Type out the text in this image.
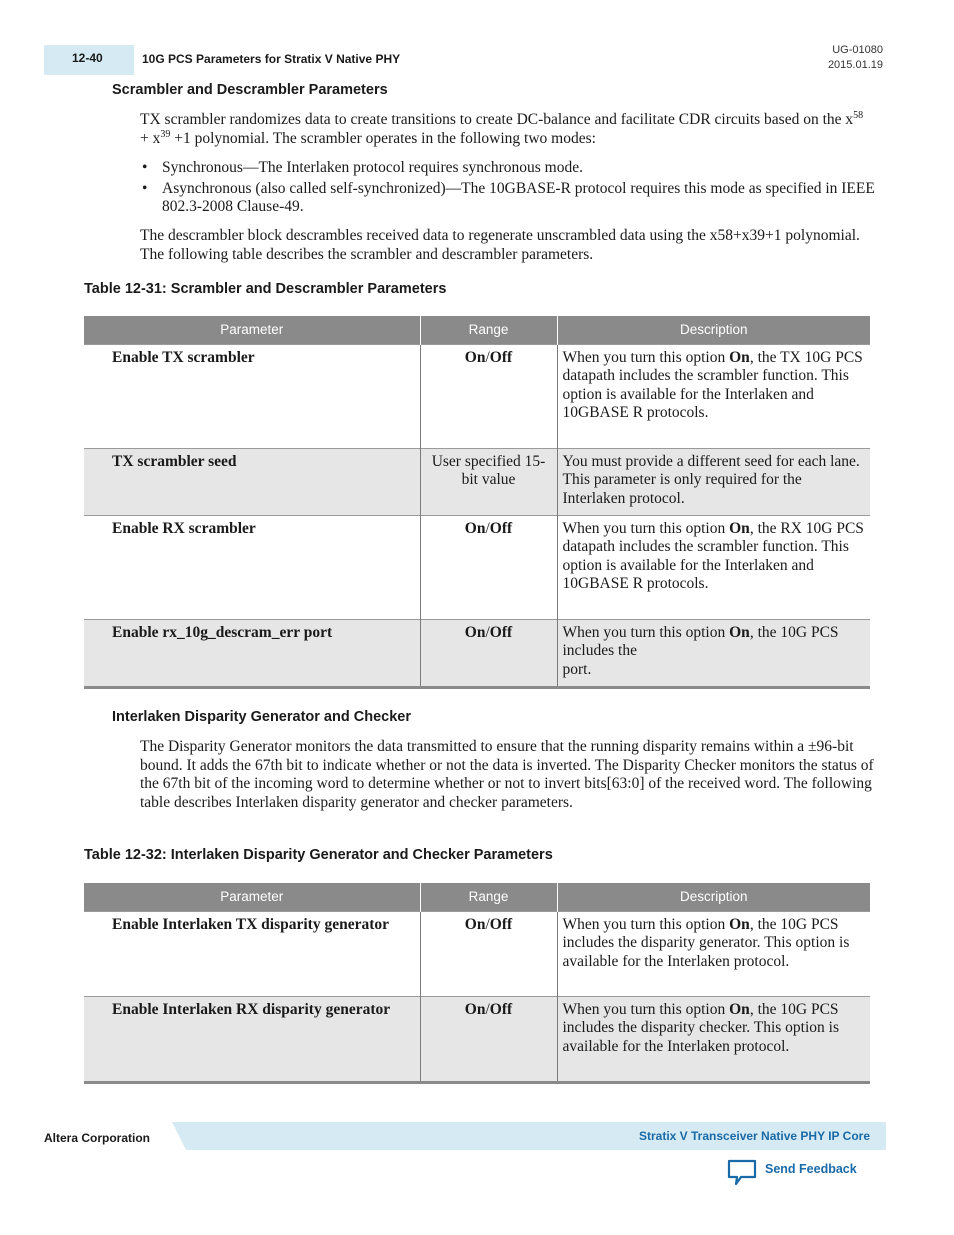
12-40	10G PCS Parameters for Stratix V Native PHY
UG-01080
2015.01.19
Scrambler and Descrambler Parameters

TX scrambler randomizes data to create transitions to create DC-balance and facilitate CDR circuits based on the $x^{58} + x^{39} +1$ polynomial. The scrambler operates in the following two modes:

• Synchronous—The Interlaken protocol requires synchronous mode.
• Asynchronous (also called self-synchronized)—The 10GBASE-R protocol requires this mode as specified in IEEE 802.3-2008 Clause-49.

The descrambler block descrambles received data to regenerate unscrambled data using the x58+x39+1 polynomial. The following table describes the scrambler and descrambler parameters.

Table 12-31: Scrambler and Descrambler Parameters
Parameter	Range	Description
Enable TX scrambler	On/Off	When you turn this option On, the TX 10G PCS datapath includes the scrambler function. This option is available for the Interlaken and 10GBASE R protocols.
TX scrambler seed	User specified 15-bit value	You must provide a different seed for each lane. This parameter is only required for the Interlaken protocol.
Enable RX scrambler	On/Off	When you turn this option On, the RX 10G PCS datapath includes the scrambler function. This option is available for the Interlaken and 10GBASE R protocols.
Enable rx_10g_descram_err port	On/Off	When you turn this option On, the 10G PCS includes the
port.
Interlaken Disparity Generator and Checker

The Disparity Generator monitors the data transmitted to ensure that the running disparity remains within a ±96-bit bound. It adds the 67th bit to indicate whether or not the data is inverted. The Disparity Checker monitors the status of the 67th bit of the incoming word to determine whether or not to invert bits[63:0] of the received word. The following table describes Interlaken disparity generator and checker parameters.

Table 12-32: Interlaken Disparity Generator and Checker Parameters
Parameter	Range	Description
Enable Interlaken TX disparity generator	On/Off	When you turn this option On, the 10G PCS includes the disparity generator. This option is available for the Interlaken protocol.
Enable Interlaken RX disparity generator	On/Off	When you turn this option On, the 10G PCS includes the disparity checker. This option is available for the Interlaken protocol.
Altera Corporation	Stratix V Transceiver Native PHY IP Core
Send Feedback
